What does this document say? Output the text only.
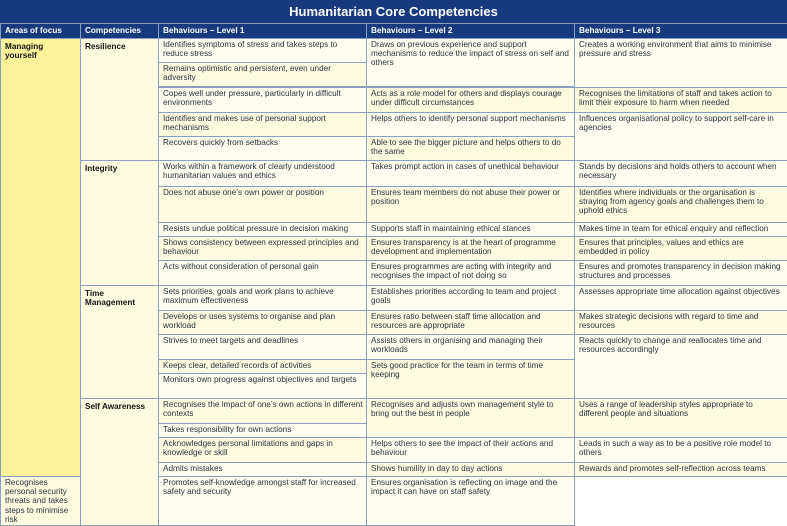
Humanitarian Core Competencies
Areas of focus	Competencies	Behaviours – Level 1	Behaviours – Level 2	Behaviours – Level 3
Managing yourself	Resilience	Identifies symptoms of stress and takes steps to reduce stress	Draws on previous experience and support mechanisms to reduce the impact of stress on self and others	Creates a working environment that aims to minimise pressure and stress
		Remains optimistic and persistent, even under adversity		

		Copes well under pressure, particularly in difficult environments	Acts as a role model for others and displays courage under difficult circumstances	Recognises the limitations of staff and takes action to limit their exposure to harm when needed
		Identifies and makes use of personal support mechanisms	Helps others to identify personal support mechanisms	Influences organisational policy to support self-care in agencies
		Recovers quickly from setbacks	Able to see the bigger picture and helps others to do the same	
	Integrity	Works within a framework of clearly understood humanitarian values and ethics	Takes prompt action in cases of unethical behaviour	Stands by decisions and holds others to account when necessary
		Does not abuse one’s own power or position	Ensures team members do not abuse their power or position	Identifies where individuals or the organisation is straying from agency goals and challenges them to uphold ethics
		Resists undue political pressure in decision making	Supports staff in maintaining ethical stances	Makes time in team for ethical enquiry and reflection
		Shows consistency between expressed principles and behaviour	Ensures transparency is at the heart of programme development and implementation	Ensures that principles, values and ethics are embedded in policy
		Acts without consideration of personal gain	Ensures programmes are acting with integrity and recognises the impact of not doing so	Ensures and promotes transparency in decision making structures and processes
	Time Management	Sets priorities, goals and work plans to achieve maximum effectiveness	Establishes priorities according to team and project goals	Assesses appropriate time allocation against objectives
		Develops or uses systems to organise and plan workload	Ensures ratio between staff time allocation and resources are appropriate	Makes strategic decisions with regard to time and resources
		Strives to meet targets and deadlines	Assists others in organising and managing their workloads	Reacts quickly to change and reallocates time and resources accordingly
		Keeps clear, detailed records of activities	Sets good practice for the team in terms of time keeping	
		Monitors own progress against objectives and targets		
	Self Awareness	Recognises the impact of one’s own actions in different contexts	Recognises and adjusts own management style to bring out the best in people	Uses a range of leadership styles appropriate to different people and situations
		Takes responsibility for own actions		
		Acknowledges personal limitations and gaps in knowledge or skill	Helps others to see the impact of their actions and behaviour	Leads in such a way as to be a positive role model to others
		Admits mistakes	Shows humility in day to day actions	Rewards and promotes self-reflection across teams
Recognises personal security threats and takes steps to minimise risk		Promotes self-knowledge amongst staff for increased safety and security	Ensures organisation is reflecting on image and the impact it can have on staff safety	
